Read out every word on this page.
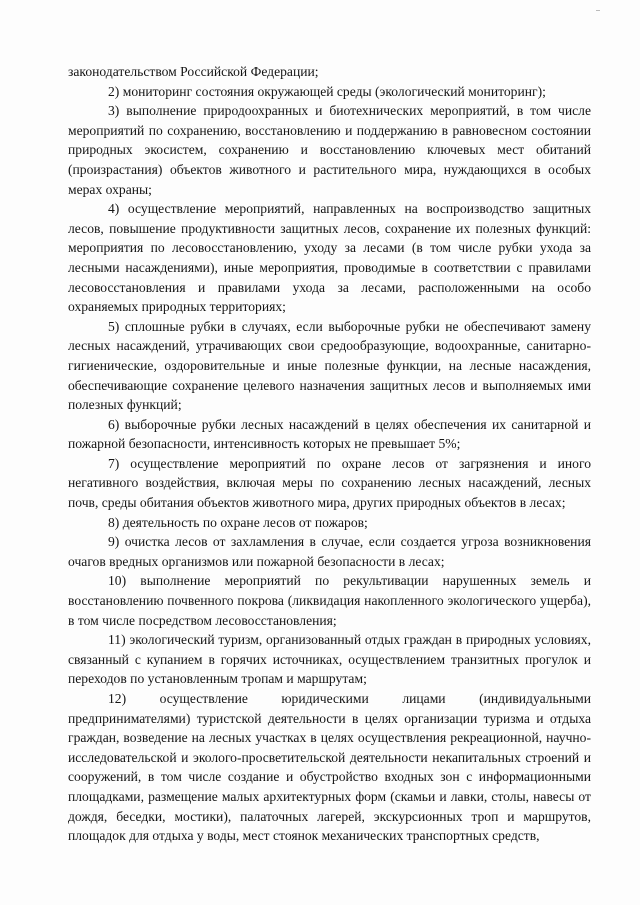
законодательством Российской Федерации;

2) мониторинг состояния окружающей среды (экологический мониторинг);

3) выполнение природоохранных и биотехнических мероприятий, в том числе мероприятий по сохранению, восстановлению и поддержанию в равновесном состоянии природных экосистем, сохранению и восстановлению ключевых мест обитаний (произрастания) объектов животного и растительного мира, нуждающихся в особых мерах охраны;

4) осуществление мероприятий, направленных на воспроизводство защитных лесов, повышение продуктивности защитных лесов, сохранение их полезных функций: мероприятия по лесовосстановлению, уходу за лесами (в том числе рубки ухода за лесными насаждениями), иные мероприятия, проводимые в соответствии с правилами лесовосстановления и правилами ухода за лесами, расположенными на особо охраняемых природных территориях;

5) сплошные рубки в случаях, если выборочные рубки не обеспечивают замену лесных насаждений, утрачивающих свои средообразующие, водоохранные, санитарно-гигиенические, оздоровительные и иные полезные функции, на лесные насаждения, обеспечивающие сохранение целевого назначения защитных лесов и выполняемых ими полезных функций;

6) выборочные рубки лесных насаждений в целях обеспечения их санитарной и пожарной безопасности, интенсивность которых не превышает 5%;

7) осуществление мероприятий по охране лесов от загрязнения и иного негативного воздействия, включая меры по сохранению лесных насаждений, лесных почв, среды обитания объектов животного мира, других природных объектов в лесах;

8) деятельность по охране лесов от пожаров;

9) очистка лесов от захламления в случае, если создается угроза возникновения очагов вредных организмов или пожарной безопасности в лесах;

10) выполнение мероприятий по рекультивации нарушенных земель и восстановлению почвенного покрова (ликвидация накопленного экологического ущерба), в том числе посредством лесовосстановления;

11) экологический туризм, организованный отдых граждан в природных условиях, связанный с купанием в горячих источниках, осуществлением транзитных прогулок и переходов по установленным тропам и маршрутам;

12) осуществление юридическими лицами (индивидуальными предпринимателями) туристской деятельности в целях организации туризма и отдыха граждан, возведение на лесных участках в целях осуществления рекреационной, научно-исследовательской и эколого-просветительской деятельности некапитальных строений и сооружений, в том числе создание и обустройство входных зон с информационными площадками, размещение малых архитектурных форм (скамьи и лавки, столы, навесы от дождя, беседки, мостики), палаточных лагерей, экскурсионных троп и маршрутов, площадок для отдыха у воды, мест стоянок механических транспортных средств,
